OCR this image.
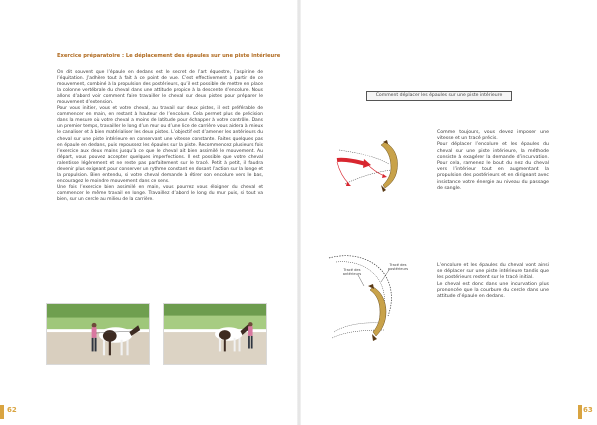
Exercice préparatoire : Le déplacement des épaules sur une piste intérieure

On dit souvent que l’épaule en dedans est le secret de l’art équestre, l’aspirine de l’équitation. J’adhère tout à fait à ce point de vue. C’est effectivement à partir de ce mouvement, combiné à la propulsion des postérieurs, qu’il est possible de mettre en place la colonne vertébrale du cheval dans une attitude propice à la descente d’encolure. Nous allons d’abord voir comment faire travailler le cheval sur deux pistes pour préparer le mouvement d’extension.

Pour vous initier, vous et votre cheval, au travail sur deux pistes, il est préférable de commencer en main, en restant à hauteur de l’encolure. Cela permet plus de précision dans la mesure où votre cheval a moins de latitude pour échapper à votre contrôle. Dans un premier temps, travailler le long d’un mur ou d’une lice de carrière vous aidera à mieux le canaliser et à bien matérialiser les deux pistes. L’objectif est d’amener les antérieurs du cheval sur une piste intérieure en conservant une vitesse constante. Faites quelques pas en épaule en dedans, puis repoussez les épaules sur la piste. Recommencez plusieurs fois l’exercice aux deux mains jusqu’à ce que le cheval ait bien assimilé le mouvement. Au départ, vous pouvez accepter quelques imperfections. Il est possible que votre cheval ralentisse légèrement et ne reste pas parfaitement sur le tracé. Petit à petit, il faudra devenir plus exigeant pour conserver un rythme constant en dosant l’action sur la longe et la propulsion. Bien entendu, si votre cheval demande à étirer son encolure vers le bas, encouragez le moindre mouvement dans ce sens.

Une fois l’exercice bien assimilé en main, vous pourrez vous éloigner du cheval et commencer le même travail en longe. Travaillez d’abord le long du mur puis, si tout va bien, sur un cercle au milieu de la carrière.

62
Comment déplacer les épaules sur une piste intérieure
Énergie du longeur

Comme toujours, vous devez imposer une vitesse et un tracé précis.

Pour déplacer l’encolure et les épaules du cheval sur une piste intérieure, la méthode consiste à exagérer la demande d’incurvation. Pour cela, ramenez le bout du nez du cheval vers l’intérieur tout en augmentant la propulsion des postérieurs et en dirigeant avec insistance votre énergie au niveau du passage de sangle.

Tracé des antérieurs
Tracé des postérieurs

L’encolure et les épaules du cheval vont ainsi se déplacer sur une piste intérieure tandis que les postérieurs restent sur le tracé initial.

Le cheval est donc dans une incurvation plus prononcée que la courbure du cercle dans une attitude d’épaule en dedans.

63
